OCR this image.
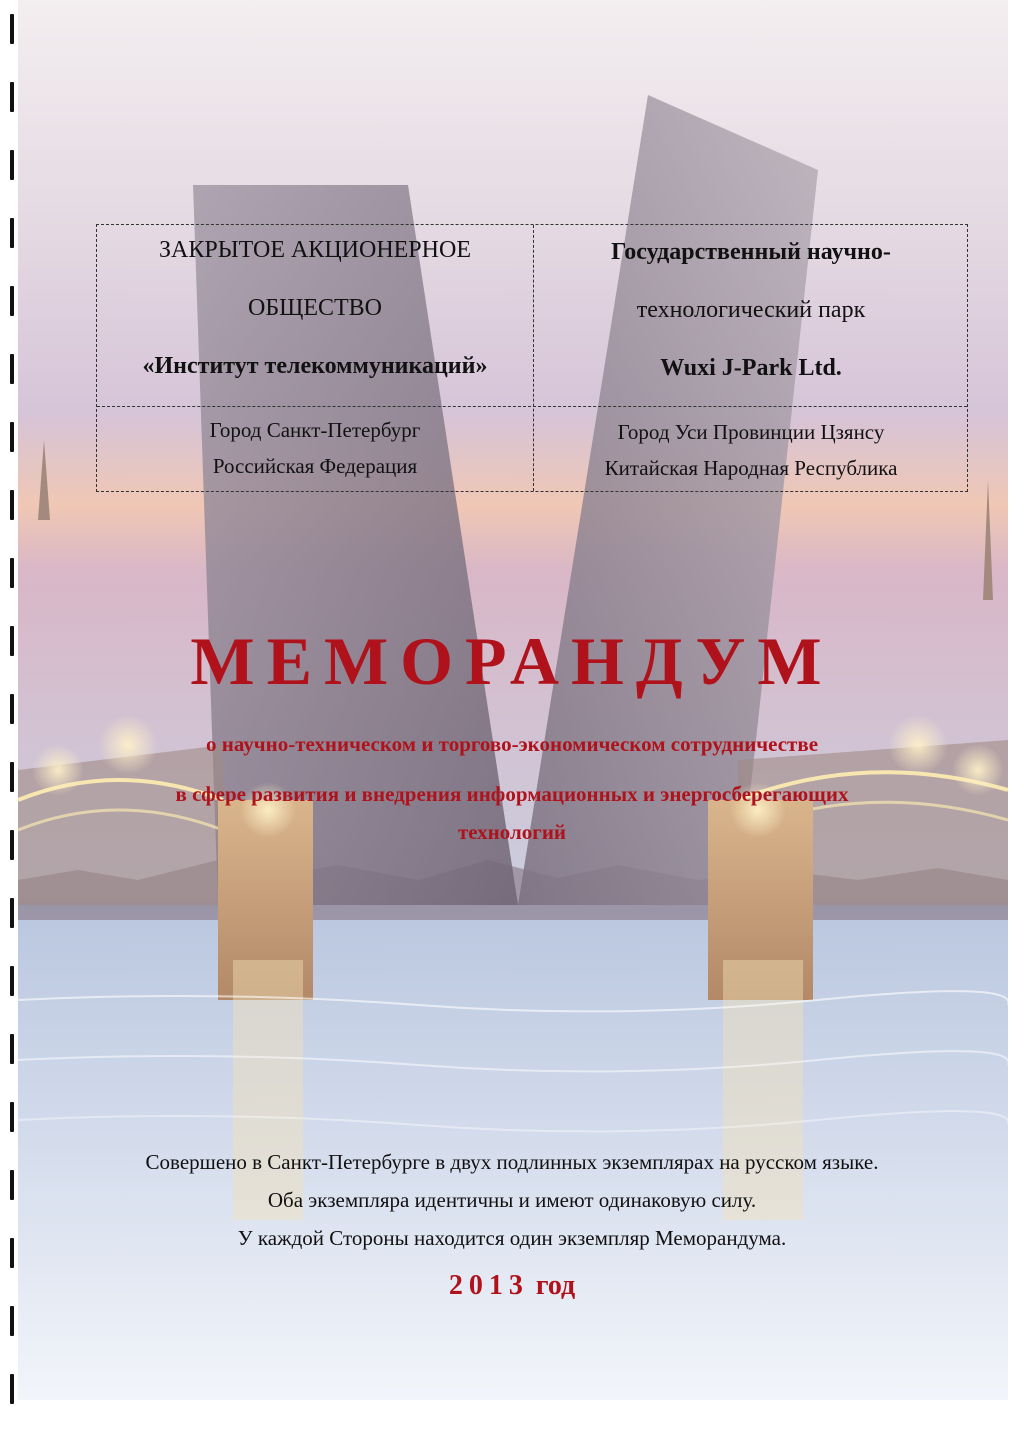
ЗАКРЫТОЕ АКЦИОНЕРНОЕ
ОБЩЕСТВО
«Институт телекоммуникаций»
Государственный научно-
технологический парк
Wuxi J-Park Ltd.
Город Санкт-Петербург
Российская Федерация
Город Уси Провинции Цзянсу
Китайская Народная Республика
МЕМОРАНДУМ
о научно-техническом и торгово-экономическом сотрудничестве
в сфере развития и внедрения информационных и энергосберегающих
технологий
Совершено в Санкт-Петербурге в двух подлинных экземплярах на русском языке.
Оба экземпляра идентичны и имеют одинаковую силу.
У каждой Стороны находится один экземпляр Меморандума.
2013 год
